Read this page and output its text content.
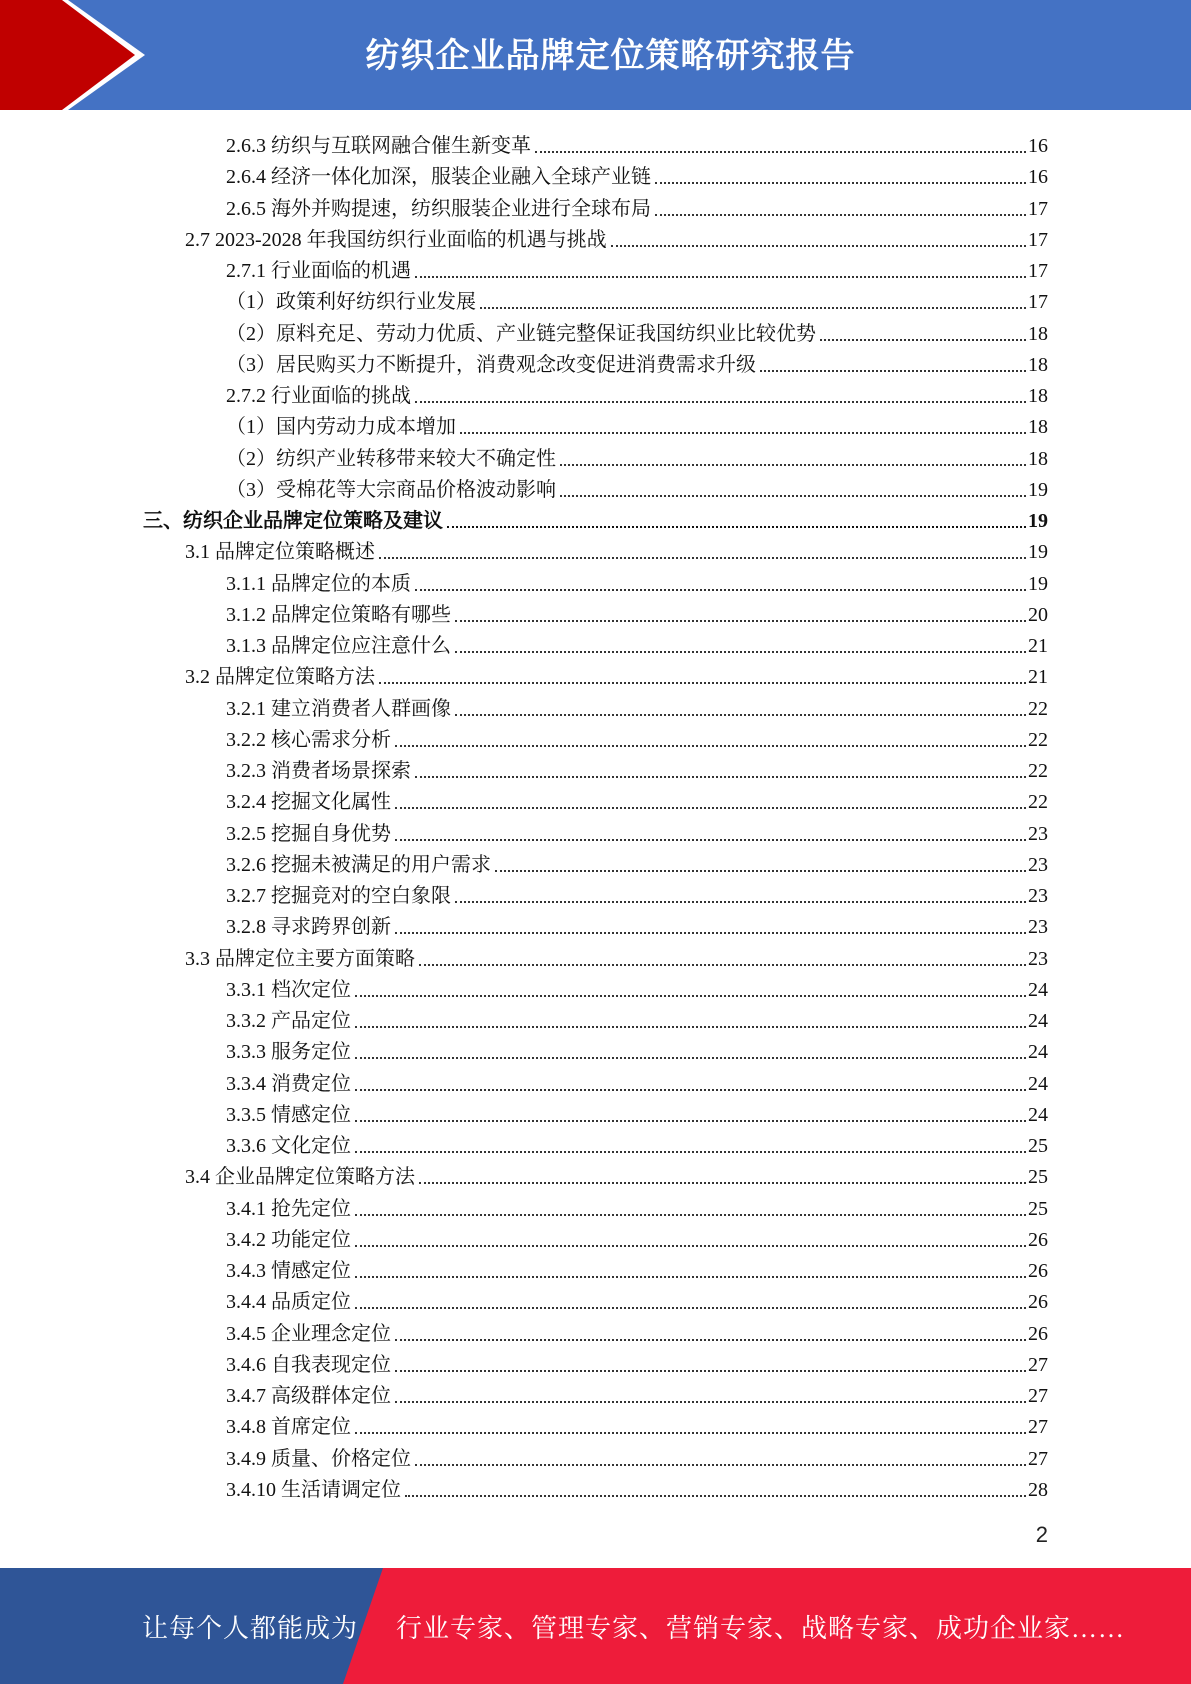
纺织企业品牌定位策略研究报告
2.6.3 纺织与互联网融合催生新变革	16
2.6.4 经济一体化加深，服装企业融入全球产业链	16
2.6.5 海外并购提速，纺织服装企业进行全球布局	17
2.7 2023-2028 年我国纺织行业面临的机遇与挑战	17
2.7.1 行业面临的机遇	17
（1）政策利好纺织行业发展	17
（2）原料充足、劳动力优质、产业链完整保证我国纺织业比较优势	18
（3）居民购买力不断提升，消费观念改变促进消费需求升级	18
2.7.2 行业面临的挑战	18
（1）国内劳动力成本增加	18
（2）纺织产业转移带来较大不确定性	18
（3）受棉花等大宗商品价格波动影响	19
三、纺织企业品牌定位策略及建议	19
3.1 品牌定位策略概述	19
3.1.1 品牌定位的本质	19
3.1.2 品牌定位策略有哪些	20
3.1.3 品牌定位应注意什么	21
3.2 品牌定位策略方法	21
3.2.1 建立消费者人群画像	22
3.2.2 核心需求分析	22
3.2.3 消费者场景探索	22
3.2.4 挖掘文化属性	22
3.2.5 挖掘自身优势	23
3.2.6 挖掘未被满足的用户需求	23
3.2.7 挖掘竞对的空白象限	23
3.2.8 寻求跨界创新	23
3.3 品牌定位主要方面策略	23
3.3.1 档次定位	24
3.3.2 产品定位	24
3.3.3 服务定位	24
3.3.4 消费定位	24
3.3.5 情感定位	24
3.3.6 文化定位	25
3.4 企业品牌定位策略方法	25
3.4.1 抢先定位	25
3.4.2 功能定位	26
3.4.3 情感定位	26
3.4.4 品质定位	26
3.4.5 企业理念定位	26
3.4.6 自我表现定位	27
3.4.7 高级群体定位	27
3.4.8 首席定位	27
3.4.9 质量、价格定位	27
3.4.10 生活请调定位	28
2
让每个人都能成为 行业专家、管理专家、营销专家、战略专家、成功企业家……
